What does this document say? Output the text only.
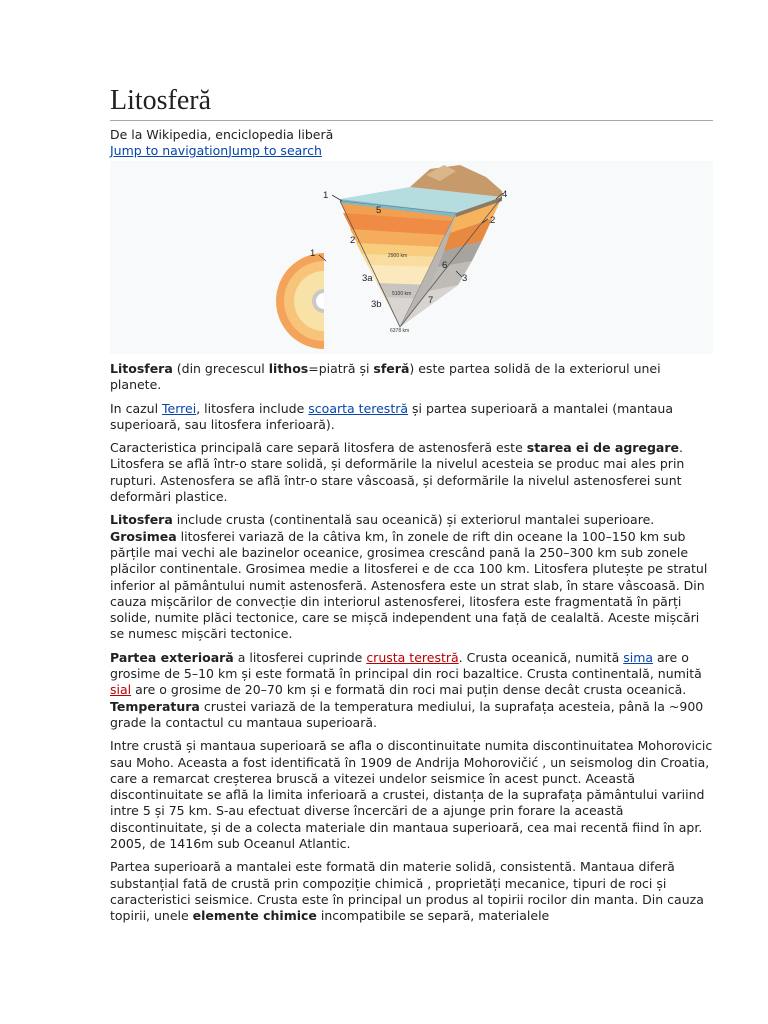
Litosferă
De la Wikipedia, enciclopedia liberă
Jump to navigationJump to search
1
1
5
2
3a
3b
6
7
4
2
3
2900 km
5100 km
6378 km

Litosfera (din grecescul lithos=piatră și sferă) este partea solidă de la exteriorul unei planete.

In cazul Terrei, litosfera include scoarta terestră și partea superioară a mantalei (mantaua superioară, sau litosfera inferioară).

Caracteristica principală care separă litosfera de astenosferă este starea ei de agregare. Litosfera se află într-o stare solidă, și deformările la nivelul acesteia se produc mai ales prin rupturi. Astenosfera se află într-o stare vâscoasă, și deformările la nivelul astenosferei sunt deformări plastice.

Litosfera include crusta (continentală sau oceanică) și exteriorul mantalei superioare. Grosimea litosferei variază de la câtiva km, în zonele de rift din oceane la 100–150 km sub părțile mai vechi ale bazinelor oceanice, grosimea crescând pană la 250–300 km sub zonele plăcilor continentale. Grosimea medie a litosferei e de cca 100 km. Litosfera plutește pe stratul inferior al pământului numit astenosferă. Astenosfera este un strat slab, în stare vâscoasă. Din cauza mișcărilor de convecție din interiorul astenosferei, litosfera este fragmentată în părți solide, numite plăci tectonice, care se mișcă independent una față de cealaltă. Aceste mișcări se numesc mișcări tectonice.

Partea exterioară a litosferei cuprinde crusta terestră. Crusta oceanică, numită sima are o grosime de 5–10 km și este formată în principal din roci bazaltice. Crusta continentală, numită sial are o grosime de 20–70 km și e formată din roci mai puțin dense decât crusta oceanică. Temperatura crustei variază de la temperatura mediului, la suprafața acesteia, până la ~900 grade la contactul cu mantaua superioară.

Intre crustă și mantaua superioară se afla o discontinuitate numita discontinuitatea Mohorovicic sau Moho. Aceasta a fost identificată în 1909 de Andrija Mohorovičić , un seismolog din Croatia, care a remarcat creșterea bruscă a vitezei undelor seismice în acest punct. Această discontinuitate se află la limita inferioară a crustei, distanța de la suprafața pământului variind intre 5 și 75 km. S-au efectuat diverse încercări de a ajunge prin forare la această discontinuitate, și de a colecta materiale din mantaua superioară, cea mai recentă fiind în apr. 2005, de 1416m sub Oceanul Atlantic.

Partea superioară a mantalei este formată din materie solidă, consistentă. Mantaua diferă substanțial fată de crustă prin compoziție chimică , proprietăți mecanice, tipuri de roci și caracteristici seismice. Crusta este în principal un produs al topirii rocilor din manta. Din cauza topirii, unele elemente chimice incompatibile se separă, materialele
